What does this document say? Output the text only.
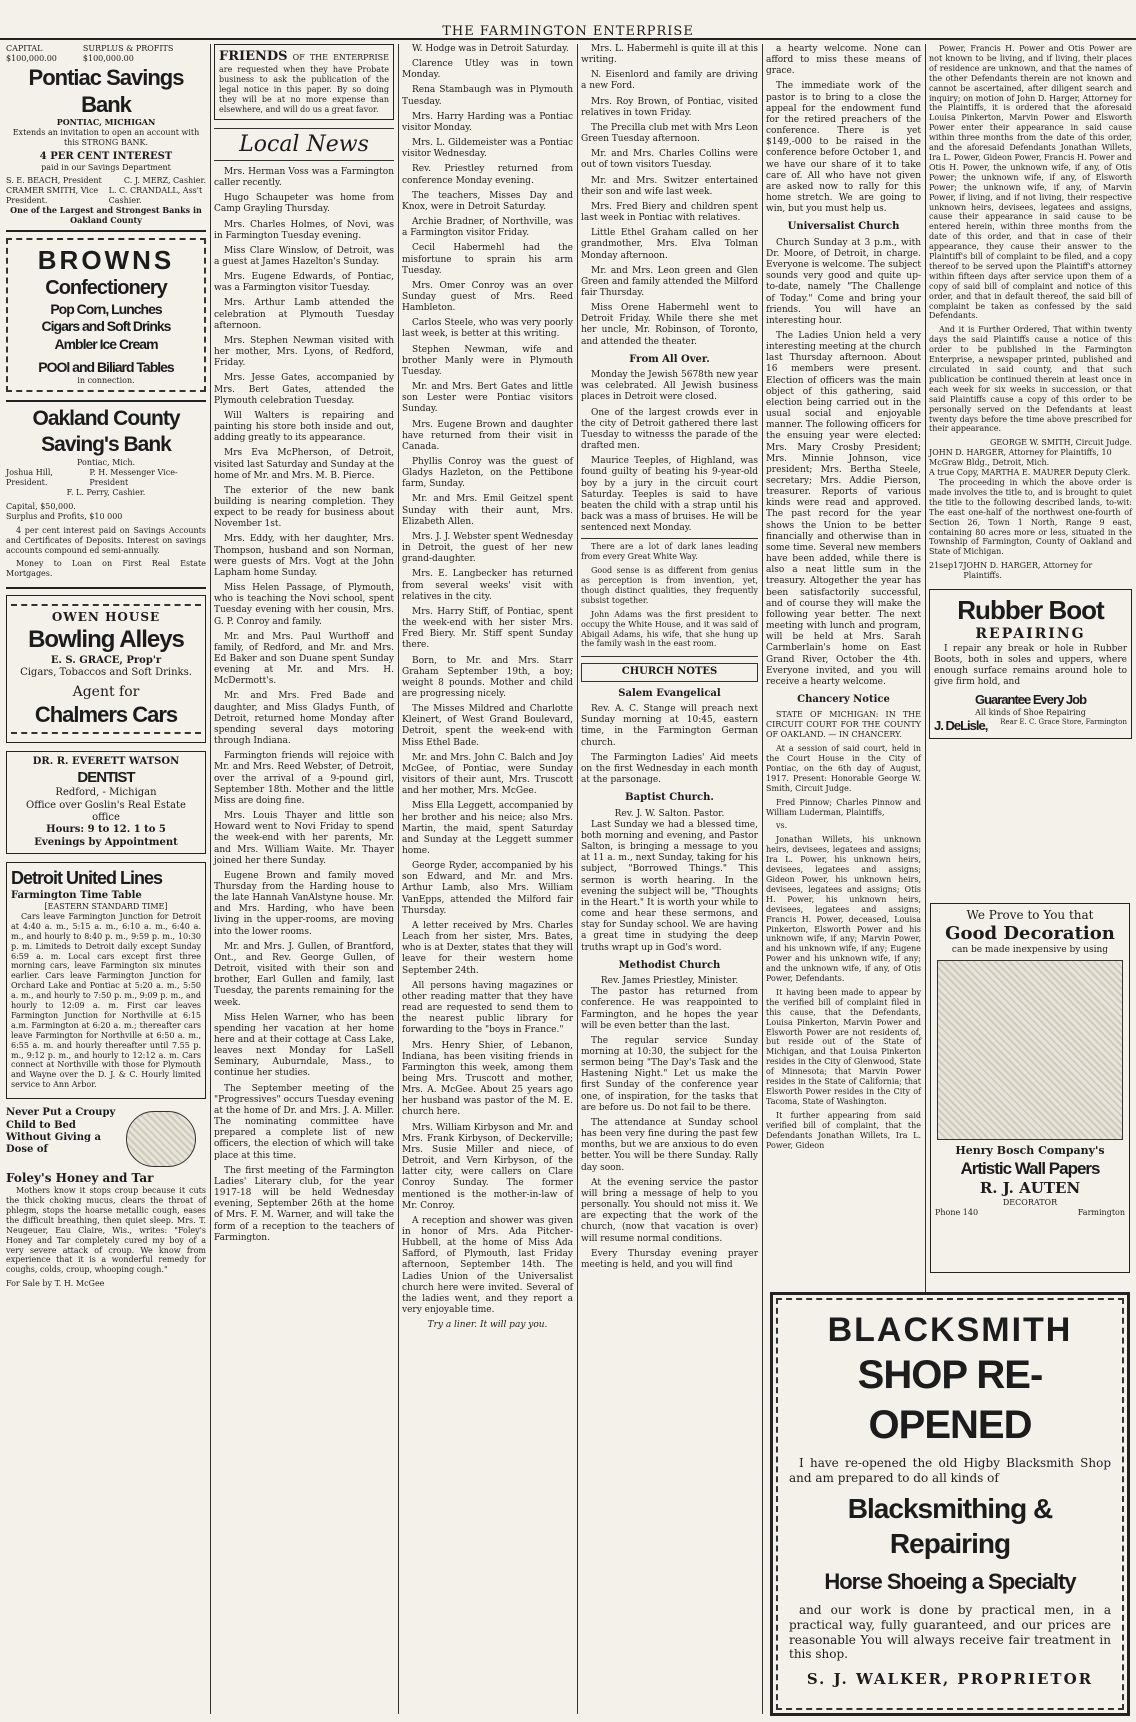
THE FARMINGTON ENTERPRISE
CAPITAL $100,000.00
SURPLUS & PROFITS $100,000.00
Pontiac Savings Bank
PONTIAC, MICHIGAN
Extends an invitation to open an account with this STRONG BANK.
4 PER CENT INTEREST
paid in our Savings Department
S. E. BEACH, President	C. J. MERZ, Cashier.
CRAMER SMITH, Vice President.
L. C. CRANDALL, Ass't Cashier.
One of the Largest and Strongest Banks in Oakland County
BROWNS
Confectionery
Pop Corn, Lunches
Cigars and Soft Drinks
Ambler Ice Cream
POOl and Biliard Tables
in connection.
Oakland County
Saving's Bank
Pontiac, Mich.
Joshua Hill, President.
P. H. Messenger Vice-President
F. L. Perry, Cashier.
Capital, $50,000.
Surplus and Profits, $10 000

4 per cent interest paid on Savings Accounts and Certificates of Deposits. Interest on savings accounts compound ed semi-annually.

Money to Loan on First Real Estate Mortgages.

OWEN HOUSE
Bowling Alleys
E. S. GRACE, Prop'r
Cigars, Tobaccos and Soft Drinks.
Agent for
Chalmers Cars
DR. R. EVERETT WATSON
DENTIST
Redford, - Michigan
Office over Goslin's Real Estate office
Hours: 9 to 12. 1 to 5
Evenings by Appointment
Detroit United Lines
Farmington Time Table
[EASTERN STANDARD TIME]

Cars leave Farmington Junction for Detroit at 4:40 a. m., 5:15 a. m., 6:10 a. m., 6:40 a. m., and hourly to 8:40 p. m., 9:59 p. m., 10:30 p. m. Limiteds to Detroit daily except Sunday 6:59 a. m. Local cars except first three morning cars, leave Farmington six minutes earlier. Cars leave Farmington Junction for Orchard Lake and Pontiac at 5:20 a. m., 5:50 a. m., and hourly to 7:50 p. m., 9:09 p. m., and hourly to 12:09 a. m. First car leaves Farmington Junction for Northville at 6:15 a.m. Farmington at 6:20 a. m.; thereafter cars leave Farmington for Northville at 6:50 a. m., 6:55 a. m. and hourly thereafter until 7.55 p. m., 9:12 p. m., and hourly to 12:12 a. m. Cars connect at Northville with those for Plymouth and Wayne over the D. J. & C. Hourly limited service to Ann Arbor.

Never Put a Croupy Child to Bed Without Giving a Dose of
Foley's Honey and Tar

Mothers know it stops croup because it cuts the thick choking mucus, clears the throat of phlegm, stops the hoarse metallic cough, eases the difficult breathing, then quiet sleep. Mrs. T. Neugeuer, Eau Claire, Wis., writes: "Foley's Honey and Tar completely cured my boy of a very severe attack of croup. We know from experience that it is a wonderful remedy for coughs, colds, croup, whooping cough."

For Sale by T. H. McGee
FRIENDS OF THE ENTERPRISE are requested when they have Probate business to ask the publication of the legal notice in this paper. By so doing they will be at no more expense than elsewhere, and will do us a great favor.
Local News

Mrs. Herman Voss was a Farmington caller recently.

Hugo Schaupeter was home from Camp Grayling Thursday.

Mrs. Charles Holmes, of Novi, was in Farmington Tuesday evening.

Miss Clare Winslow, of Detroit, was a guest at James Hazelton's Sunday.

Mrs. Eugene Edwards, of Pontiac, was a Farmington visitor Tuesday.

Mrs. Arthur Lamb attended the celebration at Plymouth Tuesday afternoon.

Mrs. Stephen Newman visited with her mother, Mrs. Lyons, of Redford, Friday.

Mrs. Jesse Gates, accompanied by Mrs. Bert Gates, attended the Plymouth celebration Tuesday.

Will Walters is repairing and painting his store both inside and out, adding greatly to its appearance.

Mrs Eva McPherson, of Detroit, visited last Saturday and Sunday at the home of Mr. and Mrs. M. B. Pierce.

The exterior of the new bank building is nearing completion. They expect to be ready for business about November 1st.

Mrs. Eddy, with her daughter, Mrs. Thompson, husband and son Norman, were guests of Mrs. Vogt at the John Lapham home Sunday.

Miss Helen Passage, of Plymouth, who is teaching the Novi school, spent Tuesday evening with her cousin, Mrs. G. P. Conroy and family.

Mr. and Mrs. Paul Wurthoff and family, of Redford, and Mr. and Mrs. Ed Baker and son Duane spent Sunday evening at Mr. and Mrs. H. McDermott's.

Mr. and Mrs. Fred Bade and daughter, and Miss Gladys Funth, of Detroit, returned home Monday after spending several days motoring through Indiana.

Farmington friends will rejoice with Mr. and Mrs. Reed Webster, of Detroit, over the arrival of a 9-pound girl, September 18th. Mother and the little Miss are doing fine.

Mrs. Louis Thayer and little son Howard went to Novi Friday to spend the week-end with her parents, Mr. and Mrs. William Waite. Mr. Thayer joined her there Sunday.

Eugene Brown and family moved Thursday from the Harding house to the late Hannah VanAlstyne house. Mr. and Mrs. Harding, who have been living in the upper-rooms, are moving into the lower rooms.

Mr. and Mrs. J. Gullen, of Brantford, Ont., and Rev. George Gullen, of Detroit, visited with their son and brother, Earl Gullen and family, last Tuesday, the parents remaining for the week.

Miss Helen Warner, who has been spending her vacation at her home here and at their cottage at Cass Lake, leaves next Monday for LaSell Seminary, Auburndale, Mass., to continue her studies.

The September meeting of the "Progressives" occurs Tuesday evening at the home of Dr. and Mrs. J. A. Miller. The nominating committee have prepared a complete list of new officers, the election of which will take place at this time.

The first meeting of the Farmington Ladies' Literary club, for the year 1917-18 will be held Wednesday evening, September 26th at the home of Mrs. F. M. Warner, and will take the form of a reception to the teachers of Farmington.

W. Hodge was in Detroit Saturday.

Clarence Utley was in town Monday.

Rena Stambaugh was in Plymouth Tuesday.

Mrs. Harry Harding was a Pontiac visitor Monday.

Mrs. L. Gildemeister was a Pontiac visitor Wednesday.

Rev. Priestley returned from conference Monday evening.

The teachers, Misses Day and Knox, were in Detroit Saturday.

Archie Bradner, of Northville, was a Farmington visitor Friday.

Cecil Habermehl had the misfortune to sprain his arm Tuesday.

Mrs. Omer Conroy was an over Sunday guest of Mrs. Reed Hambleton.

Carlos Steele, who was very poorly last week, is better at this writing.

Stephen Newman, wife and brother Manly were in Plymouth Tuesday.

Mr. and Mrs. Bert Gates and little son Lester were Pontiac visitors Sunday.

Mrs. Eugene Brown and daughter have returned from their visit in Canada.

Phyllis Conroy was the guest of Gladys Hazleton, on the Pettibone farm, Sunday.

Mr. and Mrs. Emil Geitzel spent Sunday with their aunt, Mrs. Elizabeth Allen.

Mrs. J. J. Webster spent Wednesday in Detroit, the guest of her new grand-daughter.

Mrs. E. Langbecker has returned from several weeks' visit with relatives in the city.

Mrs. Harry Stiff, of Pontiac, spent the week-end with her sister Mrs. Fred Biery. Mr. Stiff spent Sunday there.

Born, to Mr. and Mrs. Starr Graham September 19th, a boy; weight 8 pounds. Mother and child are progressing nicely.

The Misses Mildred and Charlotte Kleinert, of West Grand Boulevard, Detroit, spent the week-end with Miss Ethel Bade.

Mr. and Mrs. John C. Balch and Joy McGee, of Pontiac, were Sunday visitors of their aunt, Mrs. Truscott and her mother, Mrs. McGee.

Miss Ella Leggett, accompanied by her brother and his neice; also Mrs. Martin, the maid, spent Saturday and Sunday at the Leggett summer home.

George Ryder, accompanied by his son Edward, and Mr. and Mrs. Arthur Lamb, also Mrs. William VanEpps, attended the Milford fair Thursday.

A letter received by Mrs. Charles Leach from her sister, Mrs. Bates, who is at Dexter, states that they will leave for their western home September 24th.

All persons having magazines or other reading matter that they have read are requested to send them to the nearest public library for forwarding to the "boys in France."

Mrs. Henry Shier, of Lebanon, Indiana, has been visiting friends in Farmington this week, among them being Mrs. Truscott and mother, Mrs. A. McGee. About 25 years ago her husband was pastor of the M. E. church here.

Mrs. William Kirbyson and Mr. and Mrs. Frank Kirbyson, of Deckerville; Mrs. Susie Miller and niece, of Detroit, and Vern Kirbyson, of the latter city, were callers on Clare Conroy Sunday. The former mentioned is the mother-in-law of Mr. Conroy.

A reception and shower was given in honor of Mrs. Ada Pitcher-Hubbell, at the home of Miss Ada Safford, of Plymouth, last Friday afternoon, September 14th. The Ladies Union of the Universalist church here were invited. Several of the ladies went, and they report a very enjoyable time.

Try a liner. It will pay you.

Mrs. L. Habermehl is quite ill at this writing.

N. Eisenlord and family are driving a new Ford.

Mrs. Roy Brown, of Pontiac, visited relatives in town Friday.

The Precilla club met with Mrs Leon Green Tuesday afternoon.

Mr. and Mrs. Charles Collins were out of town visitors Tuesday.

Mr. and Mrs. Switzer entertained their son and wife last week.

Mrs. Fred Biery and children spent last week in Pontiac with relatives.

Little Ethel Graham called on her grandmother, Mrs. Elva Tolman Monday afternoon.

Mr. and Mrs. Leon green and Glen Green and family attended the Milford fair Thursday.

Miss Orene Habermehl went to Detroit Friday. While there she met her uncle, Mr. Robinson, of Toronto, and attended the theater.

From All Over.

Monday the Jewish 5678th new year was celebrated. All Jewish business places in Detroit were closed.

One of the largest crowds ever in the city of Detroit gathered there last Tuesday to witnesss the parade of the drafted men.

Maurice Teeples, of Highland, was found guilty of beating his 9-year-old boy by a jury in the circuit court Saturday. Teeples is said to have beaten the child with a strap until his back was a mass of bruises. He will be sentenced next Monday.

There are a lot of dark lanes leading from every Great White Way.

Good sense is as different from genius as perception is from invention, yet, though distinct qualities, they frequently subsist together.

John Adams was the first president to occupy the White House, and it was said of Abigail Adams, his wife, that she hung up the family wash in the east room.

CHURCH NOTES
Salem Evangelical

Rev. A. C. Stange will preach next Sunday morning at 10:45, eastern time, in the Farmington German church.

The Farmington Ladies' Aid meets on the first Wednesday in each month at the parsonage.

Baptist Church.
Rev. J. W. Salton. Pastor.

Last Sunday we had a blessed time, both morning and evening, and Pastor Salton, is bringing a message to you at 11 a. m., next Sunday, taking for his subject, "Borrowed Things." This sermon is worth hearing. In the evening the subject will be, "Thoughts in the Heart." It is worth your while to come and hear these sermons, and stay for Sunday school. We are having a great time in studying the deep truths wrapt up in God's word.

Methodist Church
Rev. James Priestley, Minister.

The pastor has returned from conference. He was reappointed to Farmington, and he hopes the year will be even better than the last.

The regular service Sunday morning at 10:30, the subject for the sermon being "The Day's Task and the Hastening Night." Let us make the first Sunday of the conference year one, of inspiration, for the tasks that are before us. Do not fail to be there.

The attendance at Sunday school has been very fine during the past few months, but we are anxious to do even better. You will be there Sunday. Rally day soon.

At the evening service the pastor will bring a message of help to you personally. You should not miss it. We are expecting that the work of the church, (now that vacation is over) will resume normal conditions.

Every Thursday evening prayer meeting is held, and you will find

a hearty welcome. None can afford to miss these means of grace.

The immediate work of the pastor is to bring to a close the appeal for the endowment fund for the retired preachers of the conference. There is yet $149,-000 to be raised in the conference before October 1, and we have our share of it to take care of. All who have not given are asked now to rally for this home stretch. We are going to win, but you must help us.

Universalist Church

Church Sunday at 3 p.m., with Dr. Moore, of Detroit, in charge. Everyone is welcome. The subject sounds very good and quite up-to-date, namely "The Challenge of Today." Come and bring your friends. You will have an interesting hour.

The Ladies Union held a very interesting meeting at the church last Thursday afternoon. About 16 members were present. Election of officers was the main object of this gathering, said election being carried out in the usual social and enjoyable manner. The following officers for the ensuing year were elected: Mrs. Mary Crosby President; Mrs. Minnie Johnson, vice president; Mrs. Bertha Steele, secretary; Mrs. Addie Pierson, treasurer. Reports of various kinds were read and approved. The past record for the year shows the Union to be better financially and otherwise than in some time. Several new members have been added, while there is also a neat little sum in the treasury. Altogether the year has been satisfactorily successful, and of course they will make the following year better. The next meeting with lunch and program, will be held at Mrs. Sarah Carmberlain's home on East Grand River, October the 4th. Everyone invited, and you will receive a hearty welcome.

Chancery Notice

STATE OF MICHIGAN: IN THE CIRCUIT COURT FOR THE COUNTY OF OAKLAND. — IN CHANCERY.

At a session of said court, held in the Court House in the City of Pontiac, on the 6th day of August, 1917. Present: Honorable George W. Smith, Circuit Judge.

Fred Pinnow; Charles Pinnow and William Luderman, Plaintiffs,

vs.

Jonathan Willets, his unknown heirs, devisees, legatees and assigns; Ira L. Power, his unknown heirs, devisees, legatees and assigns; Gideon Power, his unknown heirs, devisees, legatees and assigns; Otis H. Power, his unknown heirs, devisees, legatees and assigns; Francis H. Power, deceased, Louisa Pinkerton, Elsworth Power and his unknown wife, if any; Marvin Power, and his unknown wife, if any; Eugene Power and his unknown wife, if any; and the unknown wife, if any, of Otis Power, Defendants.

It having been made to appear by the verified bill of complaint filed in this cause, that the Defendants, Louisa Pinkerton, Marvin Power and Elsworth Power are not residents of, but reside out of the State of Michigan, and that Louisa Pinkerton resides in the City of Glenwood, State of Minnesota; that Marvin Power resides in the State of California; that Elsworth Power resides in the City of Tacoma, State of Washington.

It further appearing from said verified bill of complaint, that the Defendants Jonathan Willets, Ira L. Power, Gideon

Power, Francis H. Power and Otis Power are not known to be living, and if living, their places of residence are unknown, and that the names of the other Defendants therein are not known and cannot be ascertained, after diligent search and inquiry; on motion of John D. Harger, Attorney for the Plaintiffs, it is ordered that the aforesaid Louisa Pinkerton, Marvin Power and Elsworth Power enter their appearance in said cause within three months from the date of this order, and the aforesaid Defendants Jonathan Willets, Ira L. Power, Gideon Power, Francis H. Power and Otis H. Power, the unknown wife, if any, of Otis Power; the unknown wife, if any, of Elsworth Power; the unknown wife, if any, of Marvin Power, if living, and if not living, their respective unknown heirs, devisees, legatees and assigns, cause their appearance in said cause to be entered herein, within three months from the date of this order, and that in case of their appearance, they cause their answer to the Plaintiff's bill of complaint to be filed, and a copy thereof to be served upon the Plaintiff's attorney within fifteen days after service upon them of a copy of said bill of complaint and notice of this order, and that in default thereof, the said bill of complaint be taken as confessed by the said Defendants.

And it is Further Ordered, That within twenty days the said Plaintiffs cause a notice of this order to be published in the Farmington Enterprise, a newspaper printed, published and circulated in said county, and that such publication be continued therein at least once in each week for six weeks in succession, or that said Plaintiffs cause a copy of this order to be personally served on the Defendants at least twenty days before the time above prescribed for their appearance.

GEORGE W. SMITH, Circuit Judge.
JOHN D. HARGER, Attorney for Plaintiffs, 10 McGraw Bldg., Detroit, Mich.
A true Copy, MARTHA E. MAURER Deputy Clerk.

The proceeding in which the above order is made involves the title to, and is brought to quiet the title to the following described lands, to-wit: The east one-half of the northwest one-fourth of Section 26, Town 1 North, Range 9 east, containing 80 acres more or less, situated in the Township of Farmington, County of Oakland and State of Michigan.

21sep17 JOHN D. HARGER, Attorney for Plaintiffs.
Rubber Boot
REPAIRING

I repair any break or hole in Rubber Boots, both in soles and uppers, where enough surface remains around hole to give firm hold, and

Guarantee Every Job
All kinds of Shoe Repairing
J. DeLisle, Rear E. C. Grace Store, Farmington
We Prove to You that
Good Decoration
can be made inexpensive by using
Henry Bosch Company's
Artistic Wall Papers
R. J. AUTEN
DECORATOR
Phone 140	Farmington
BLACKSMITH
SHOP RE-OPENED

I have re-opened the old Higby Blacksmith Shop and am prepared to do all kinds of

Blacksmithing & Repairing
Horse Shoeing a Specialty

and our work is done by practical men, in a practical way, fully guaranteed, and our prices are reasonable You will always receive fair treatment in this shop.

S. J. WALKER, PROPRIETOR
